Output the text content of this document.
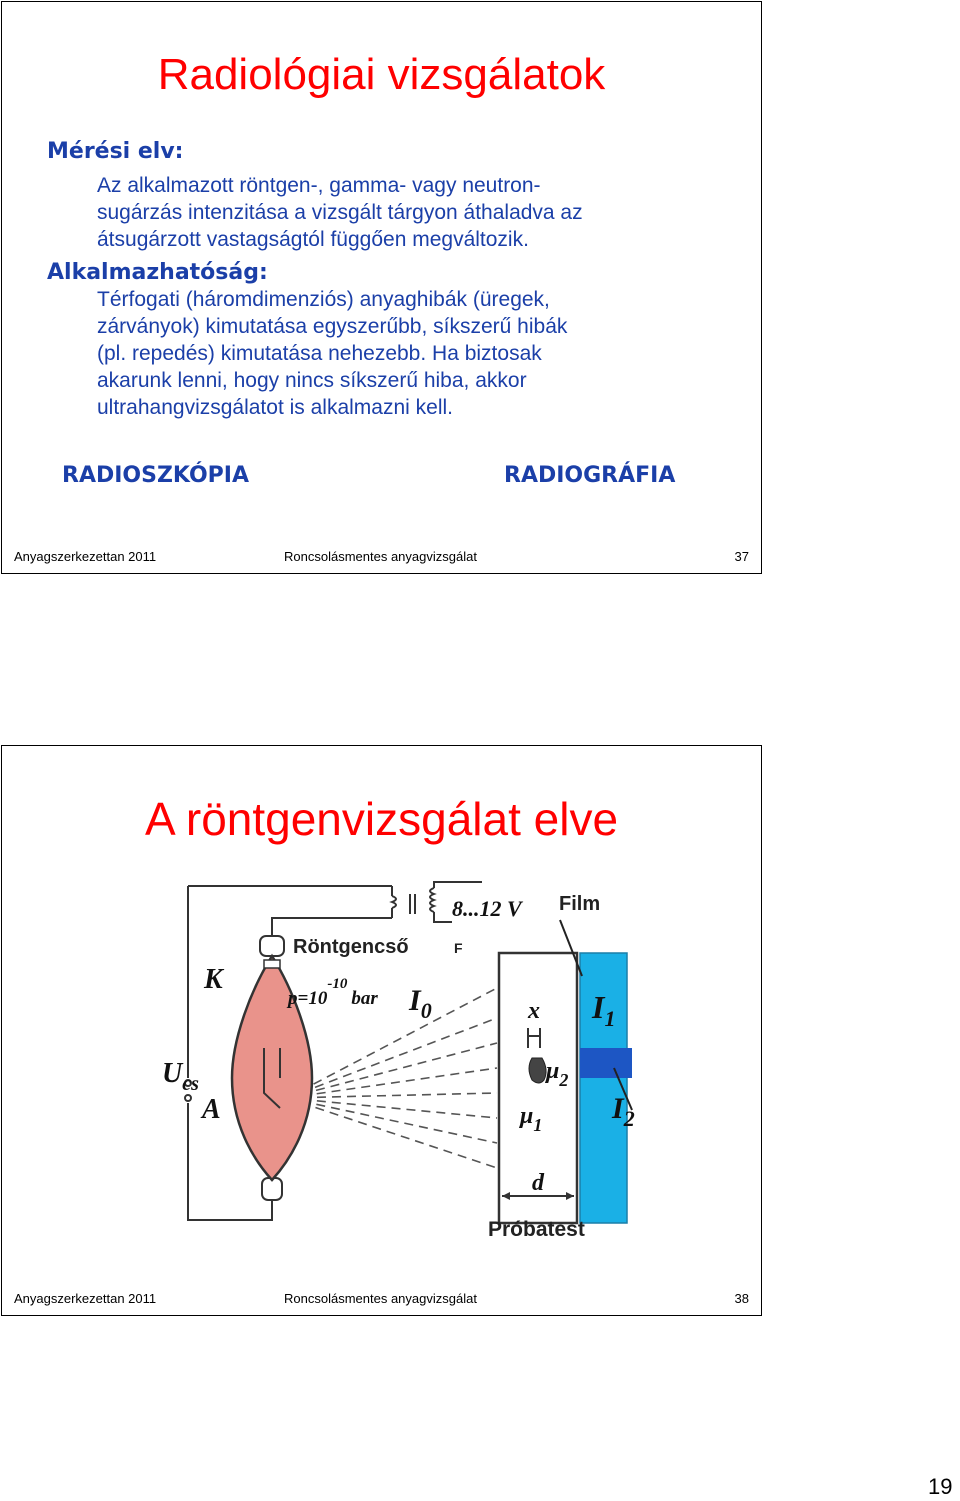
Radiológiai vizsgálatok
Mérési elv:
Az alkalmazott röntgen-, gamma- vagy neutron-
sugárzás intenzitása a vizsgált tárgyon áthaladva az
átsugárzott vastagságtól függően megváltozik.
Alkalmazhatóság:
Térfogati (háromdimenziós) anyaghibák (üregek,
zárványok) kimutatása egyszerűbb, síkszerű hibák
(pl. repedés) kimutatása nehezebb. Ha biztosak
akarunk lenni, hogy nincs síkszerű hiba, akkor
ultrahangvizsgálatot is alkalmazni kell.
RADIOSZKÓPIA	RADIOGRÁFIA
Anyagszerkezettan 2011	Roncsolásmentes anyagvizsgálat	37
A röntgenvizsgálat elve
8...12 V Film
Röntgencső	F
K
A
$U_{cs}$
$p=10^{-10}bar$ $I_0$	x $I_1$
$\mu_2$
$I_2$
$\mu_1$
d
Próbatest
Anyagszerkezettan 2011	Roncsolásmentes anyagvizsgálat	38
19
